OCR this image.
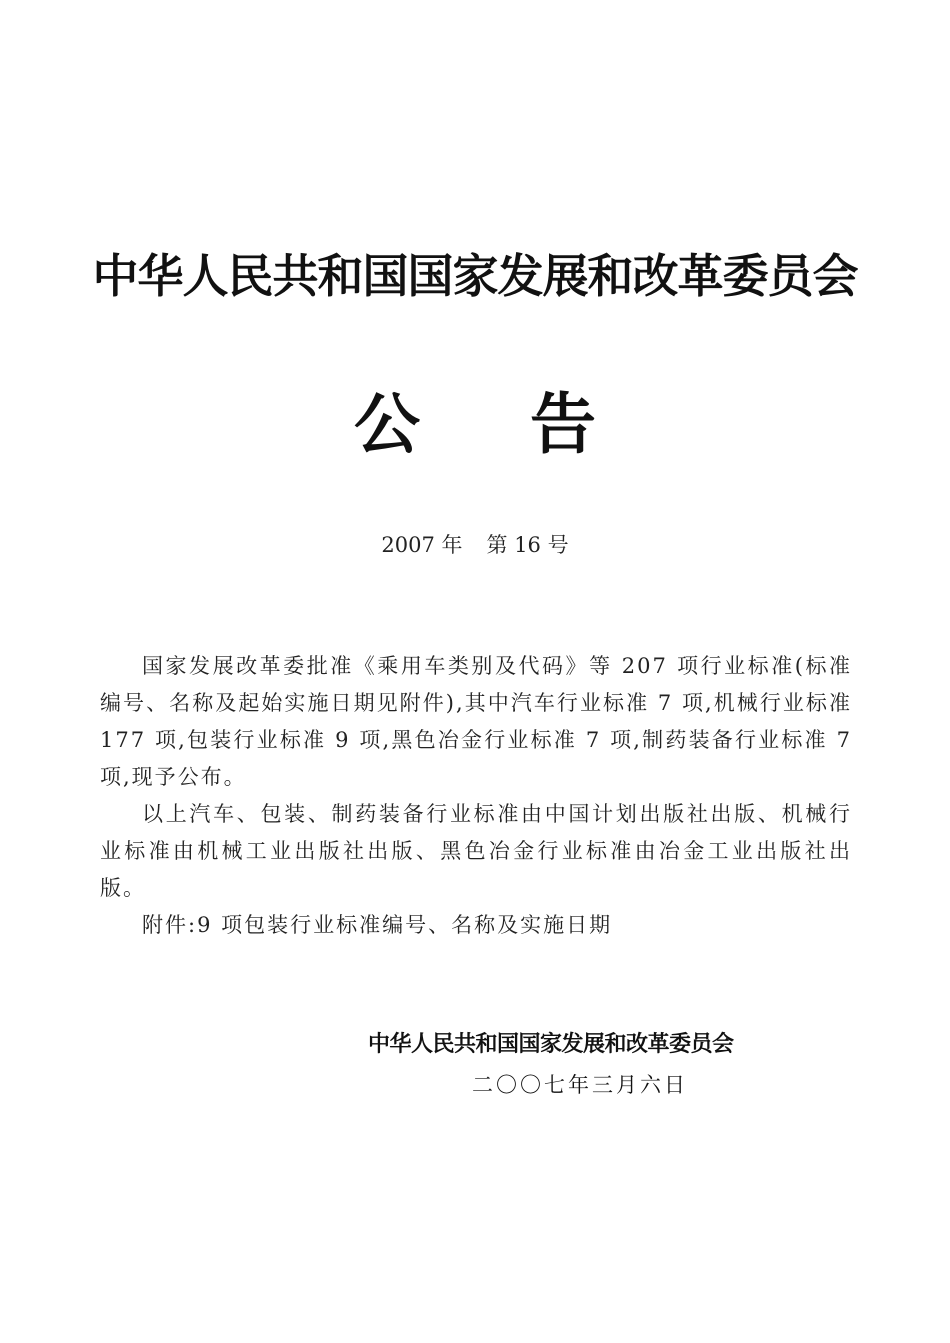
中华人民共和国国家发展和改革委员会
公 告
2007 年 第 16 号

国家发展改革委批准《乘用车类别及代码》等 207 项行业标准(标准编号、名称及起始实施日期见附件),其中汽车行业标准 7 项,机械行业标准 177 项,包装行业标准 9 项,黑色冶金行业标准 7 项,制药装备行业标准 7 项,现予公布。

以上汽车、包装、制药装备行业标准由中国计划出版社出版、机械行业标准由机械工业出版社出版、黑色冶金行业标准由冶金工业出版社出版。

附件:9 项包装行业标准编号、名称及实施日期

中华人民共和国国家发展和改革委员会
二〇〇七年三月六日
